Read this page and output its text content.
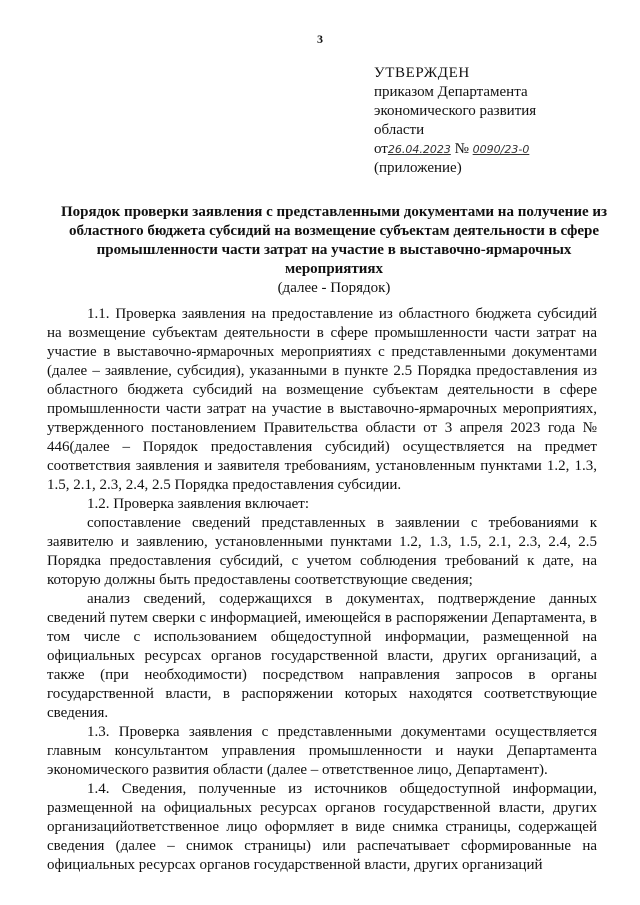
3
УТВЕРЖДЕН
приказом Департамента
экономического развития
области
от26.04.2023 № 0090/23-0
(приложение)
Порядок проверки заявления с представленными документами на получение из областного бюджета субсидий на возмещение субъектам деятельности в сфере промышленности части затрат на участие в выставочно-ярмарочных мероприятиях
(далее - Порядок)

1.1. Проверка заявления на предоставление из областного бюджета субсидий на возмещение субъектам деятельности в сфере промышленности части затрат на участие в выставочно-ярмарочных мероприятиях с представленными документами (далее – заявление, субсидия), указанными в пункте 2.5 Порядка предоставления из областного бюджета субсидий на возмещение субъектам деятельности в сфере промышленности части затрат на участие в выставочно-ярмарочных мероприятиях, утвержденного постановлением Правительства области от 3 апреля 2023 года № 446(далее – Порядок предоставления субсидий) осуществляется на предмет соответствия заявления и заявителя требованиям, установленным пунктами 1.2, 1.3, 1.5, 2.1, 2.3, 2.4, 2.5 Порядка предоставления субсидии.

1.2. Проверка заявления включает:

сопоставление сведений представленных в заявлении с требованиями к заявителю и заявлению, установленными пунктами 1.2, 1.3, 1.5, 2.1, 2.3, 2.4, 2.5 Порядка предоставления субсидий, с учетом соблюдения требований к дате, на которую должны быть предоставлены соответствующие сведения;

анализ сведений, содержащихся в документах, подтверждение данных сведений путем сверки с информацией, имеющейся в распоряжении Департамента, в том числе с использованием общедоступной информации, размещенной на официальных ресурсах органов государственной власти, других организаций, а также (при необходимости) посредством направления запросов в органы государственной власти, в распоряжении которых находятся соответствующие сведения.

1.3. Проверка заявления с представленными документами осуществляется главным консультантом управления промышленности и науки Департамента экономического развития области (далее – ответственное лицо, Департамент).

1.4. Сведения, полученные из источников общедоступной информации, размещенной на официальных ресурсах органов государственной власти, других организацийответственное лицо оформляет в виде снимка страницы, содержащей сведения (далее – снимок страницы) или распечатывает сформированные на официальных ресурсах органов государственной власти, других организаций
